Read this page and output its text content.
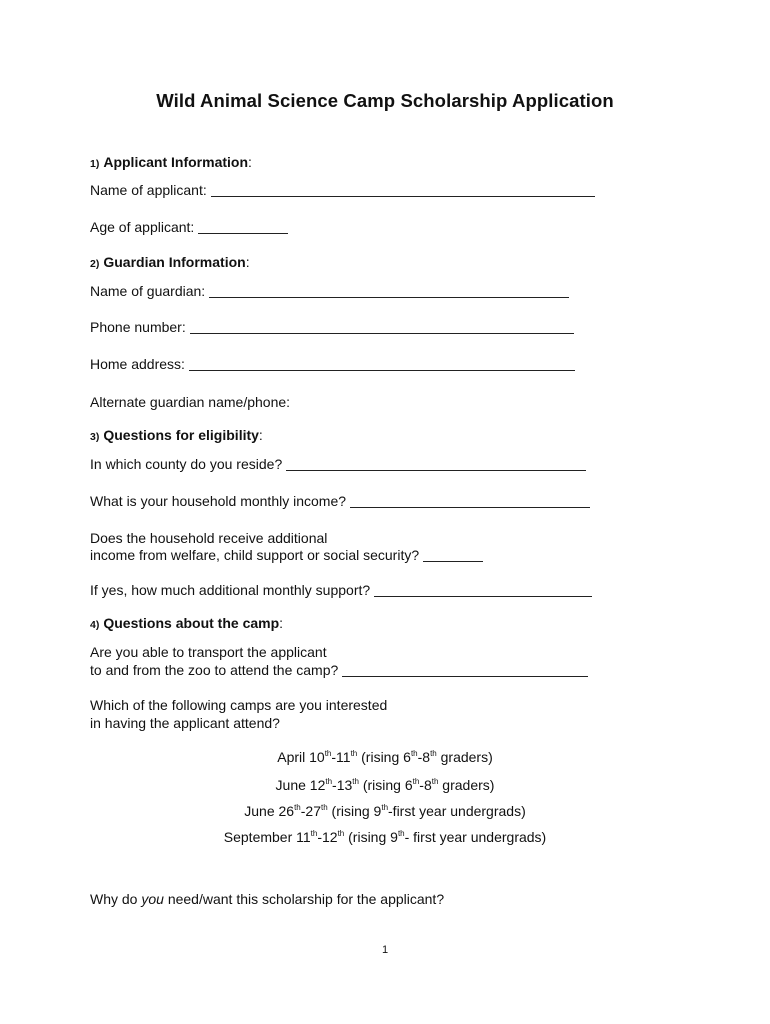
Wild Animal Science Camp Scholarship Application
1) Applicant Information:
Name of applicant:
Age of applicant:
2) Guardian Information:
Name of guardian:
Phone number:
Home address:
Alternate guardian name/phone:
3) Questions for eligibility:
In which county do you reside?
What is your household monthly income?
Does the household receive additional
income from welfare, child support or social security?
If yes, how much additional monthly support?
4) Questions about the camp:
Are you able to transport the applicant
to and from the zoo to attend the camp?
Which of the following camps are you interested
in having the applicant attend?
April 10th-11th (rising 6th-8th graders)
June 12th-13th (rising 6th-8th graders)
June 26th-27th (rising 9th-first year undergrads)
September 11th-12th (rising 9th- first year undergrads)
Why do you need/want this scholarship for the applicant?
1
